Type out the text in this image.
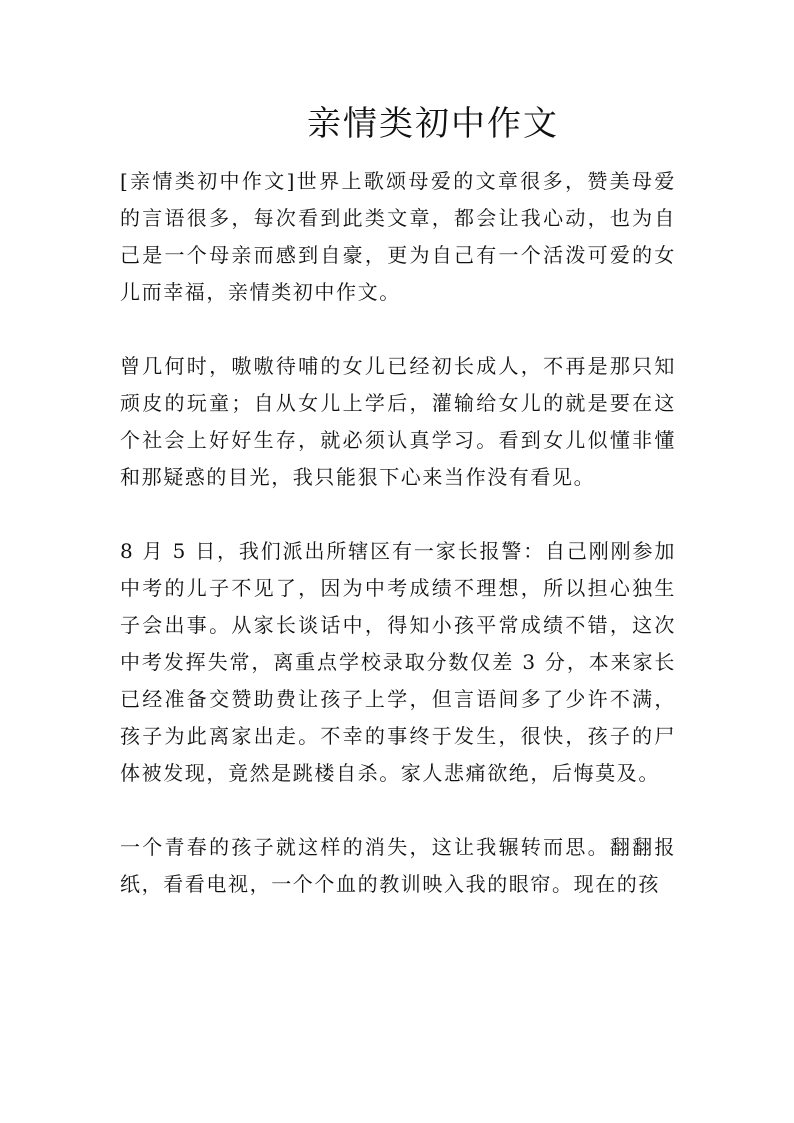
亲情类初中作文

[亲情类初中作文]世界上歌颂母爱的文章很多，赞美母爱的言语很多，每次看到此类文章，都会让我心动，也为自己是一个母亲而感到自豪，更为自己有一个活泼可爱的女儿而幸福，亲情类初中作文。

曾几何时，嗷嗷待哺的女儿已经初长成人，不再是那只知顽皮的玩童；自从女儿上学后，灌输给女儿的就是要在这个社会上好好生存，就必须认真学习。看到女儿似懂非懂和那疑惑的目光，我只能狠下心来当作没有看见。

8 月 5 日，我们派出所辖区有一家长报警：自己刚刚参加中考的儿子不见了，因为中考成绩不理想，所以担心独生子会出事。从家长谈话中，得知小孩平常成绩不错，这次中考发挥失常，离重点学校录取分数仅差 3 分，本来家长已经准备交赞助费让孩子上学，但言语间多了少许不满，孩子为此离家出走。不幸的事终于发生，很快，孩子的尸体被发现，竟然是跳楼自杀。家人悲痛欲绝，后悔莫及。

一个青春的孩子就这样的消失，这让我辗转而思。翻翻报纸，看看电视，一个个血的教训映入我的眼帘。现在的孩
